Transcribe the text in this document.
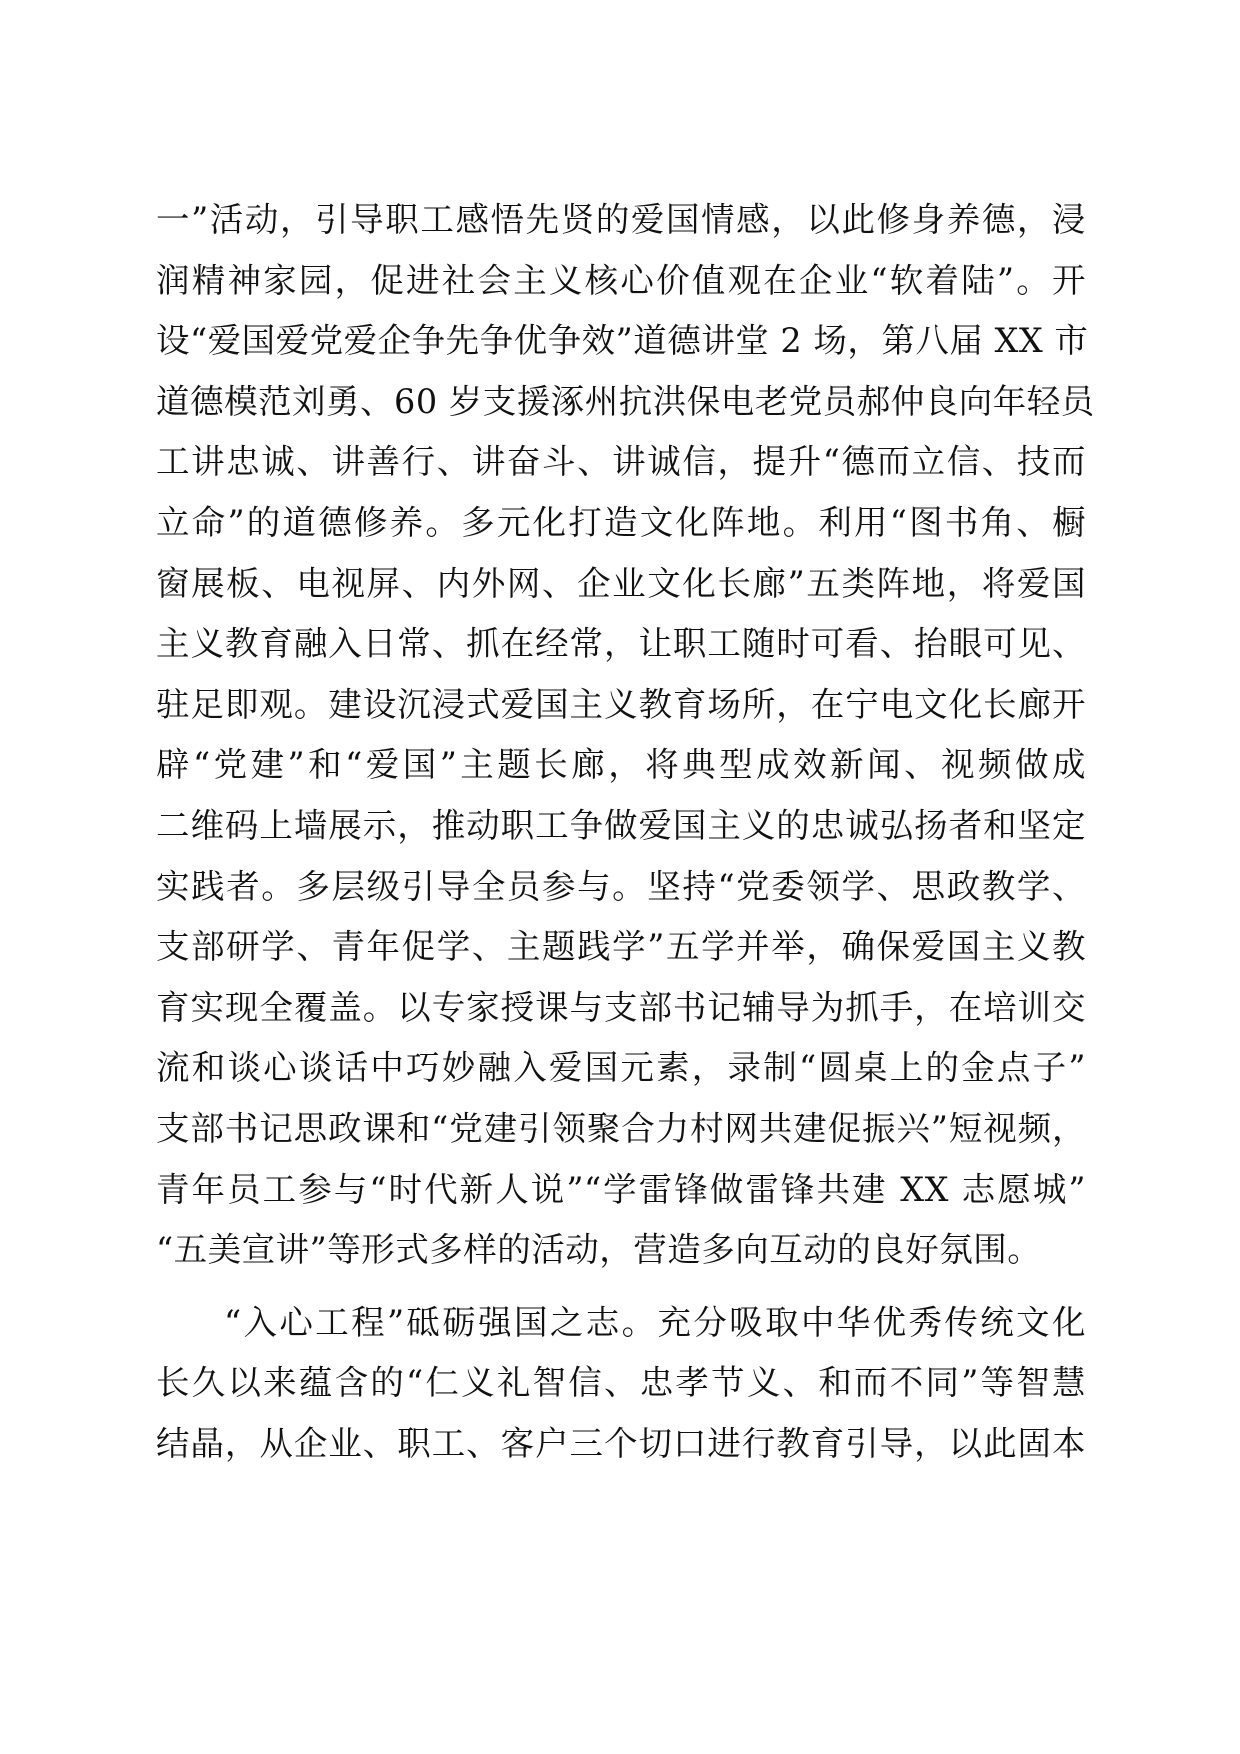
一”活动，引导职工感悟先贤的爱国情感，以此修身养德，浸
润精神家园，促进社会主义核心价值观在企业“软着陆”。开
设“爱国爱党爱企争先争优争效”道德讲堂 2 场，第八届 XX 市
道德模范刘勇、60 岁支援涿州抗洪保电老党员郝仲良向年轻员
工讲忠诚、讲善行、讲奋斗、讲诚信，提升“德而立信、技而
立命”的道德修养。多元化打造文化阵地。利用“图书角、橱
窗展板、电视屏、内外网、企业文化长廊”五类阵地，将爱国
主义教育融入日常、抓在经常，让职工随时可看、抬眼可见、
驻足即观。建设沉浸式爱国主义教育场所，在宁电文化长廊开
辟“党建”和“爱国”主题长廊，将典型成效新闻、视频做成
二维码上墙展示，推动职工争做爱国主义的忠诚弘扬者和坚定
实践者。多层级引导全员参与。坚持“党委领学、思政教学、
支部研学、青年促学、主题践学”五学并举，确保爱国主义教
育实现全覆盖。以专家授课与支部书记辅导为抓手，在培训交
流和谈心谈话中巧妙融入爱国元素，录制“圆桌上的金点子”
支部书记思政课和“党建引领聚合力村网共建促振兴”短视频，
青年员工参与“时代新人说”“学雷锋做雷锋共建 XX 志愿城”
“五美宣讲”等形式多样的活动，营造多向互动的良好氛围。
“入心工程”砥砺强国之志。充分吸取中华优秀传统文化
长久以来蕴含的“仁义礼智信、忠孝节义、和而不同”等智慧
结晶，从企业、职工、客户三个切口进行教育引导，以此固本
